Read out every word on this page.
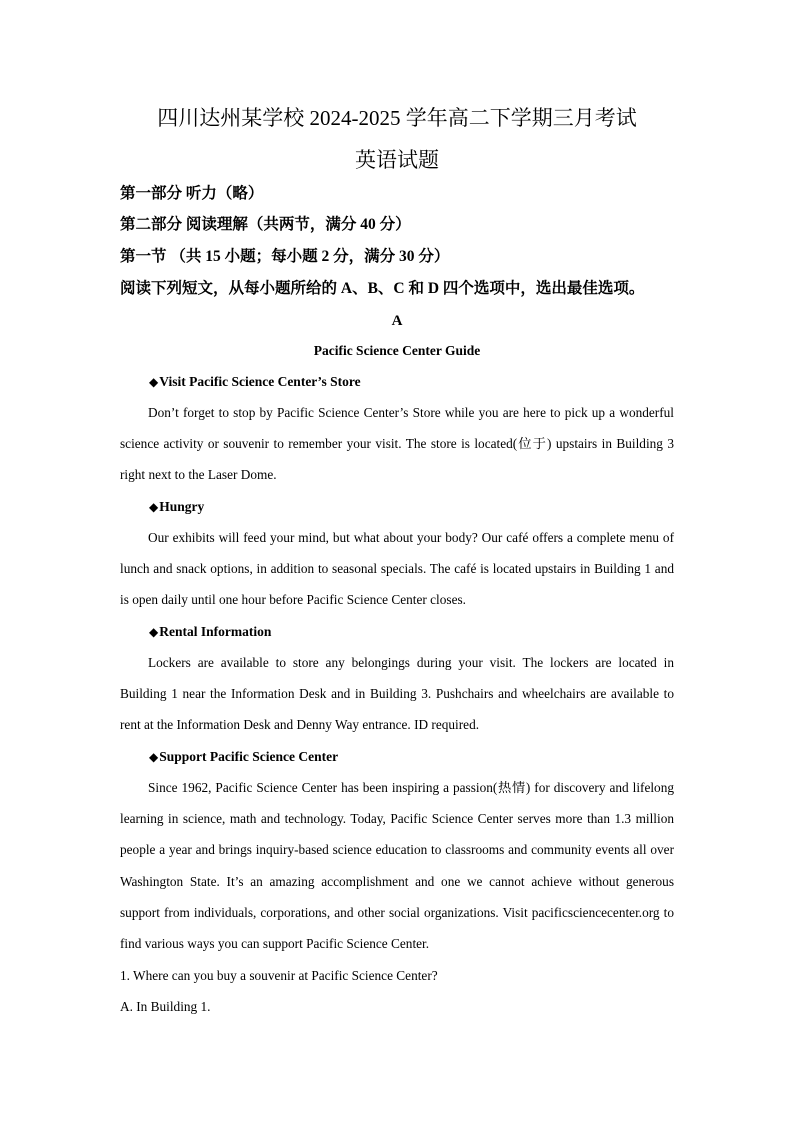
四川达州某学校 2024-2025 学年高二下学期三月考试
英语试题
第一部分 听力（略）
第二部分 阅读理解（共两节，满分 40 分）
第一节 （共 15 小题；每小题 2 分，满分 30 分）
阅读下列短文，从每小题所给的 A、B、C 和 D 四个选项中，选出最佳选项。
A
Pacific Science Center Guide
◆Visit Pacific Science Center’s Store

Don’t forget to stop by Pacific Science Center’s Store while you are here to pick up a wonderful science activity or souvenir to remember your visit. The store is located(位于) upstairs in Building 3 right next to the Laser Dome.

◆Hungry

Our exhibits will feed your mind, but what about your body? Our café offers a complete menu of lunch and snack options, in addition to seasonal specials. The café is located upstairs in Building 1 and is open daily until one hour before Pacific Science Center closes.

◆Rental Information

Lockers are available to store any belongings during your visit. The lockers are located in Building 1 near the Information Desk and in Building 3. Pushchairs and wheelchairs are available to rent at the Information Desk and Denny Way entrance. ID required.

◆Support Pacific Science Center

Since 1962, Pacific Science Center has been inspiring a passion(热情) for discovery and lifelong learning in science, math and technology. Today, Pacific Science Center serves more than 1.3 million people a year and brings inquiry-based science education to classrooms and community events all over Washington State. It’s an amazing accomplishment and one we cannot achieve without generous support from individuals, corporations, and other social organizations. Visit pacificsciencecenter.org to find various ways you can support Pacific Science Center.

1. Where can you buy a souvenir at Pacific Science Center?
A. In Building 1.
